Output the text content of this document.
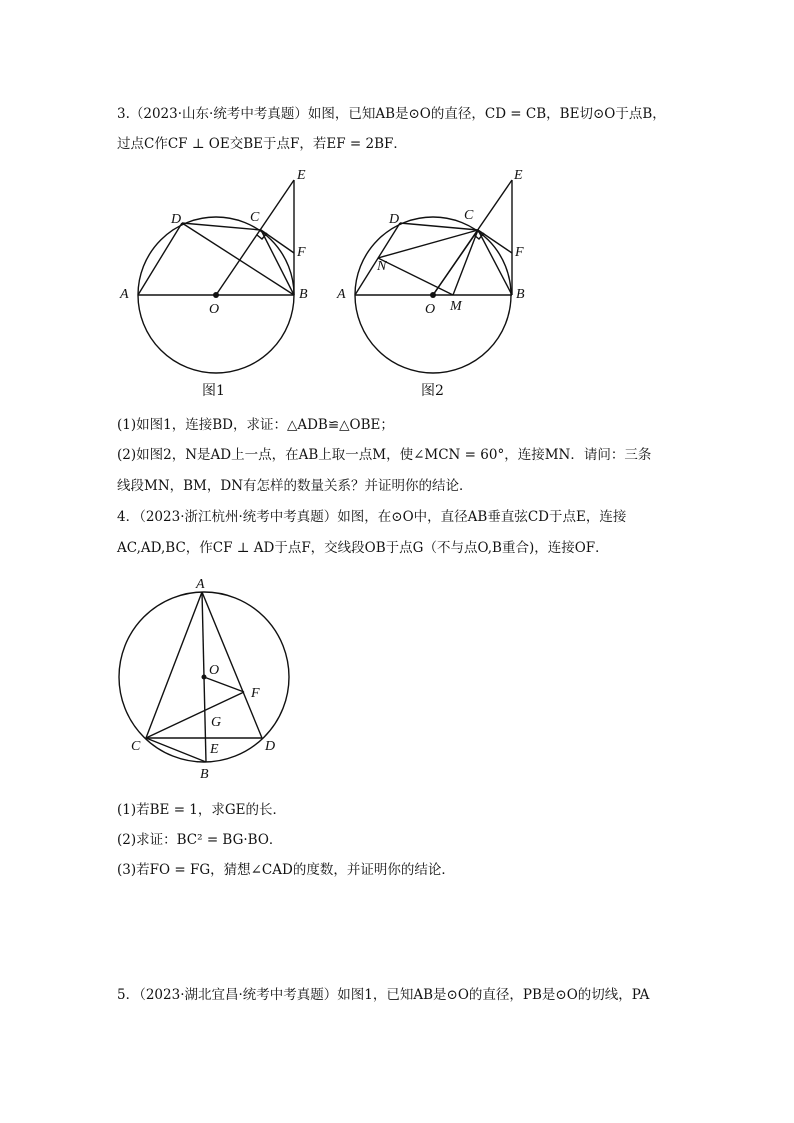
3.（2023·山东·统考中考真题）如图，已知AB是⊙O的直径，CD = CB，BE切⊙O于点B，
过点C作CF ⊥ OE交BE于点F，若EF = 2BF．
E
D	C
F
A	B
O
图1
E
D	C
F
N
A	B
O M
图2
(1)如图1，连接BD，求证：△ADB≌△OBE；
(2)如图2，N是AD上一点，在AB上取一点M，使∠MCN = 60°，连接MN．请问：三条
线段MN，BM，DN有怎样的数量关系？并证明你的结论．
4．（2023·浙江杭州·统考中考真题）如图，在⊙O中，直径AB垂直弦CD于点E，连接
AC,AD,BC，作CF ⊥ AD于点F，交线段OB于点G（不与点O,B重合)，连接OF．
A
O
F
G
C	E	D
B
(1)若BE = 1，求GE的长．
(2)求证：BC² = BG·BO．
(3)若FO = FG，猜想∠CAD的度数，并证明你的结论．
5．（2023·湖北宜昌·统考中考真题）如图1，已知AB是⊙O的直径，PB是⊙O的切线，PA
